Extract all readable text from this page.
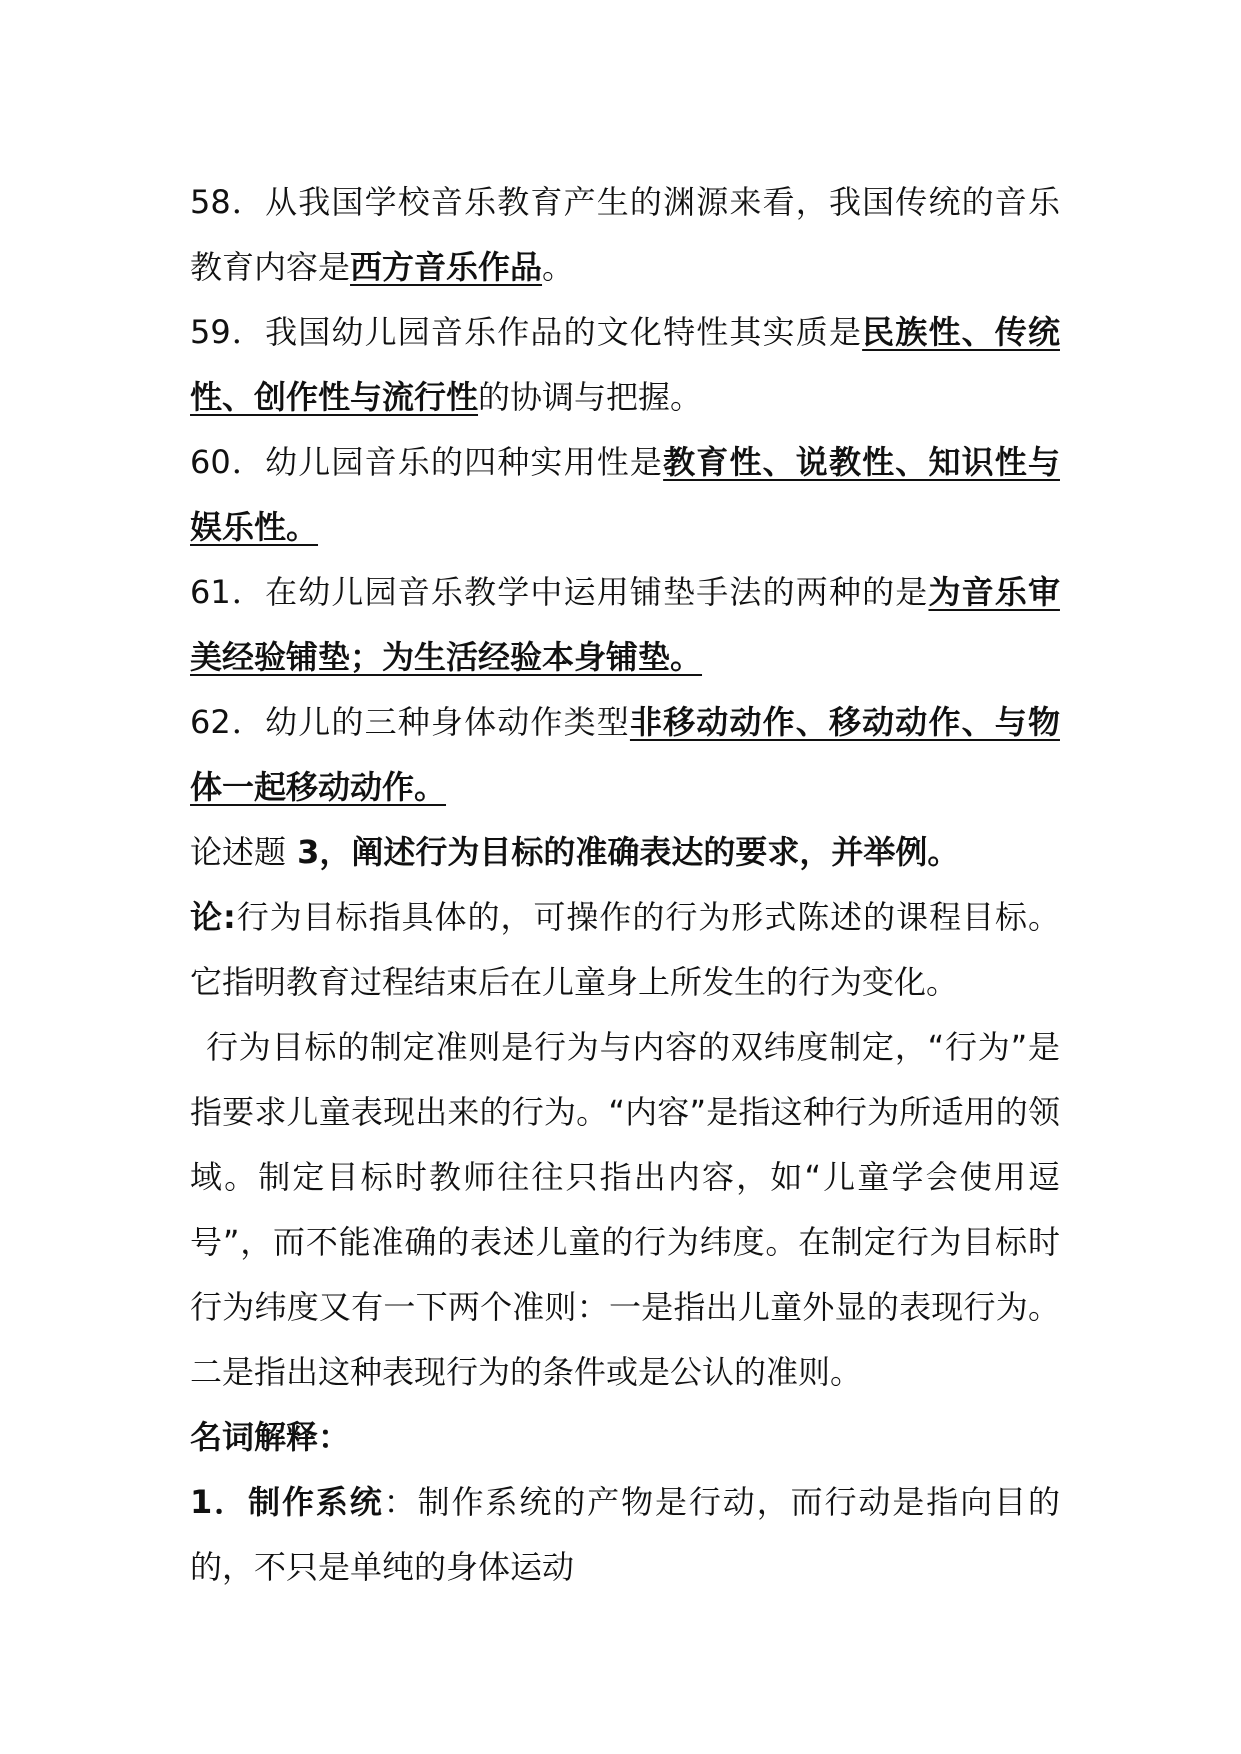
58．从我国学校音乐教育产生的渊源来看，我国传统的音乐教育内容是西方音乐作品。

59．我国幼儿园音乐作品的文化特性其实质是民族性、传统性、创作性与流行性的协调与把握。

60．幼儿园音乐的四种实用性是教育性、说教性、知识性与娱乐性。

61．在幼儿园音乐教学中运用铺垫手法的两种的是为音乐审美经验铺垫；为生活经验本身铺垫。

62．幼儿的三种身体动作类型非移动动作、移动动作、与物体一起移动动作。

论述题 3，阐述行为目标的准确表达的要求，并举例。

论:行为目标指具体的，可操作的行为形式陈述的课程目标。它指明教育过程结束后在儿童身上所发生的行为变化。

行为目标的制定准则是行为与内容的双纬度制定，“行为”是指要求儿童表现出来的行为。“内容”是指这种行为所适用的领域。制定目标时教师往往只指出内容，如“儿童学会使用逗号”，而不能准确的表述儿童的行为纬度。在制定行为目标时行为纬度又有一下两个准则：一是指出儿童外显的表现行为。二是指出这种表现行为的条件或是公认的准则。

名词解释：

1．制作系统：制作系统的产物是行动，而行动是指向目的的，不只是单纯的身体运动
